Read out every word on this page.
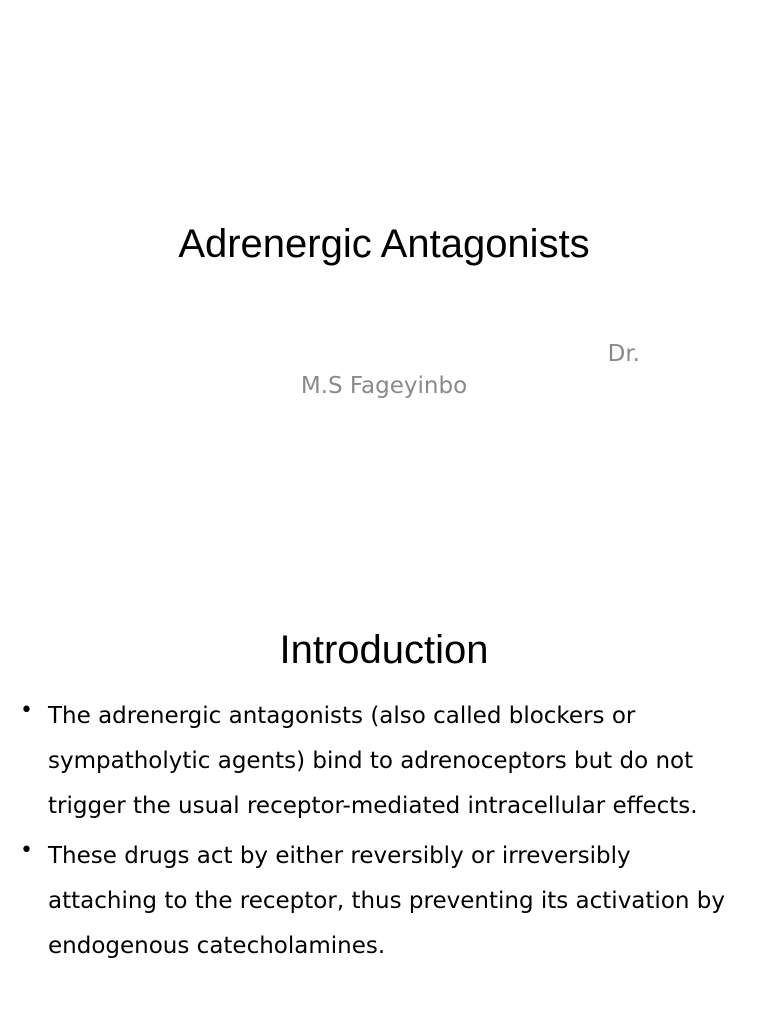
Adrenergic Antagonists
Dr.
M.S Fageyinbo
Introduction
• The adrenergic antagonists (also called blockers or sympatholytic agents) bind to adrenoceptors but do not trigger the usual receptor-mediated intracellular effects.
• These drugs act by either reversibly or irreversibly attaching to the receptor, thus preventing its activation by endogenous catecholamines.
